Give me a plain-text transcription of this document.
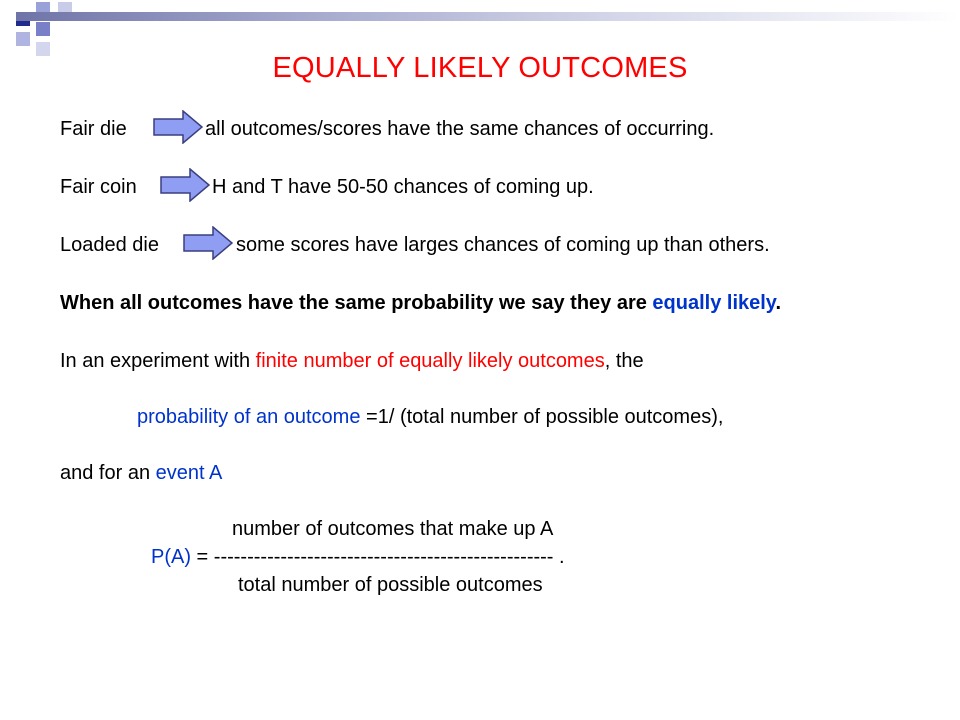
EQUALLY LIKELY OUTCOMES
Fair die	all outcomes/scores have the same chances of occurring.
Fair coin	H and T have 50-50 chances of coming up.
Loaded die	some scores have larges chances of coming up than others.
When all outcomes have the same probability we say they are equally likely.
In an experiment with finite number of equally likely outcomes, the
probability of an outcome =1/ (total number of possible outcomes),
and for an event A
number of outcomes that make up A
P(A) = --------------------------------------------------- .
total number of possible outcomes
